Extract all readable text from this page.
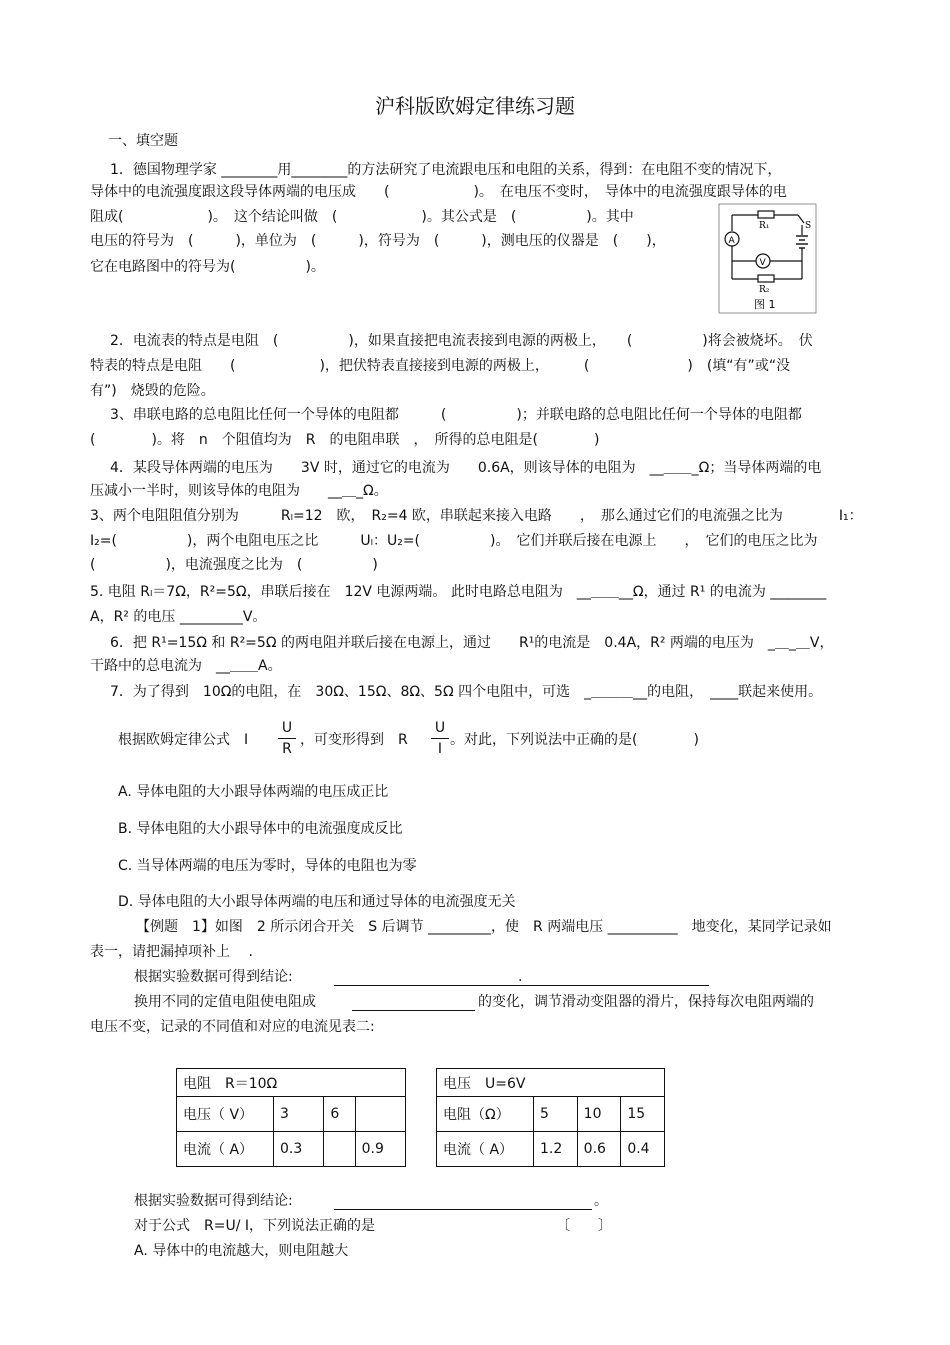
沪科版欧姆定律练习题
一、填空题
1．德国物理学家 ________用________的方法研究了电流跟电压和电阻的关系，得到：在电阻不变的情况下，
导体中的电流强度跟这段导体两端的电压成　　(　　　　　　)。　在电压不变时，　导体中的电流强度跟导体的电
阻成(　　　　　　)。　这个结论叫做　(　　　　　　)。其公式是　(　　　　　)。其中
电压的符号为　(　　　)，单位为　(　　　)，符号为　(　　　)，测电压的仪器是　(　　)，
它在电路图中的符号为(　　　　　)。
R₁	S
A
V
R₂
图 1
2．电流表的特点是电阻　(　　　　　)，如果直接把电流表接到电源的两极上，　　(　　　　　)将会被烧坏。　伏
特表的特点是电阻　　(　　　　　　)，把伏特表直接接到电源的两极上，　　　(　　　　　　　)　(填“有”或“没
有”)　烧毁的危险。
3、串联电路的总电阻比任何一个导体的电阻都　　　(　　　　　)；并联电路的总电阻比任何一个导体的电阻都
(　　　　)。将　n　个阻值均为　R　的电阻串联　，　所得的总电阻是(　　　　)
4．某段导体两端的电压为　　3V 时，通过它的电流为　　0.6A，则该导体的电阻为　__＿＿_Ω；当导体两端的电
压减小一半时，则该导体的电阻为　　__＿_Ω。
3、两个电阻阻值分别为　　　Rₗ=12　欧，　R₂=4 欧，串联起来接入电路　　，　那么通过它们的电流强之比为　　　　I₁：
I₂=(　　　　　)，两个电阻电压之比　　　Uₗ：U₂=(　　　　　)。　它们并联后接在电源上　　，　它们的电压之比为
(　　　　　)，电流强度之比为　(　　　　　)
5. 电阻 Rₗ＝7Ω，R²=5Ω，串联后接在　12V 电源两端。 此时电路总电阻为　__＿＿__Ω，通过 R¹ 的电流为 ________
A，R² 的电压 _________V。
6．把 R¹=15Ω 和 R²=5Ω 的两电阻并联后接在电源上，通过　　R¹的电流是　0.4A，R² 两端的电压为　_＿_＿V，
干路中的总电流为　__＿＿A。
7．为了得到　10Ω的电阻，在　30Ω、15Ω、8Ω、5Ω 四个电阻中，可选　_＿＿＿__的电阻，　____联起来使用。
根据欧姆定律公式　I
U
R
，可变形得到　R
U
I
。对此，下列说法中正确的是(　　　　)
A. 导体电阻的大小跟导体两端的电压成正比
B. 导体电阻的大小跟导体中的电流强度成反比
C. 当导体两端的电压为零时，导体的电阻也为零
D. 导体电阻的大小跟导体两端的电压和通过导体的电流强度无关
【例题　1】如图　2 所示闭合开关　S 后调节 _________，使　R 两端电压 __________　地变化，某同学记录如
表一，请把漏掉项补上　 .
根据实验数据可得到结论:	.
换用不同的定值电阻使电阻成	的变化，调节滑动变阻器的滑片，保持每次电阻两端的
电压不变，记录的不同值和对应的电流见表二:
电阻　R＝10Ω			
电压（ V）	3	6	
电流（ A）	0.3		0.9
电压　U=6V			
电阻（Ω）	5	10	15
电流（ A）	1.2	0.6	0.4
根据实验数据可得到结论:	。
对于公式　R=U/ I，下列说法正确的是	〔　　〕
A. 导体中的电流越大，则电阻越大
